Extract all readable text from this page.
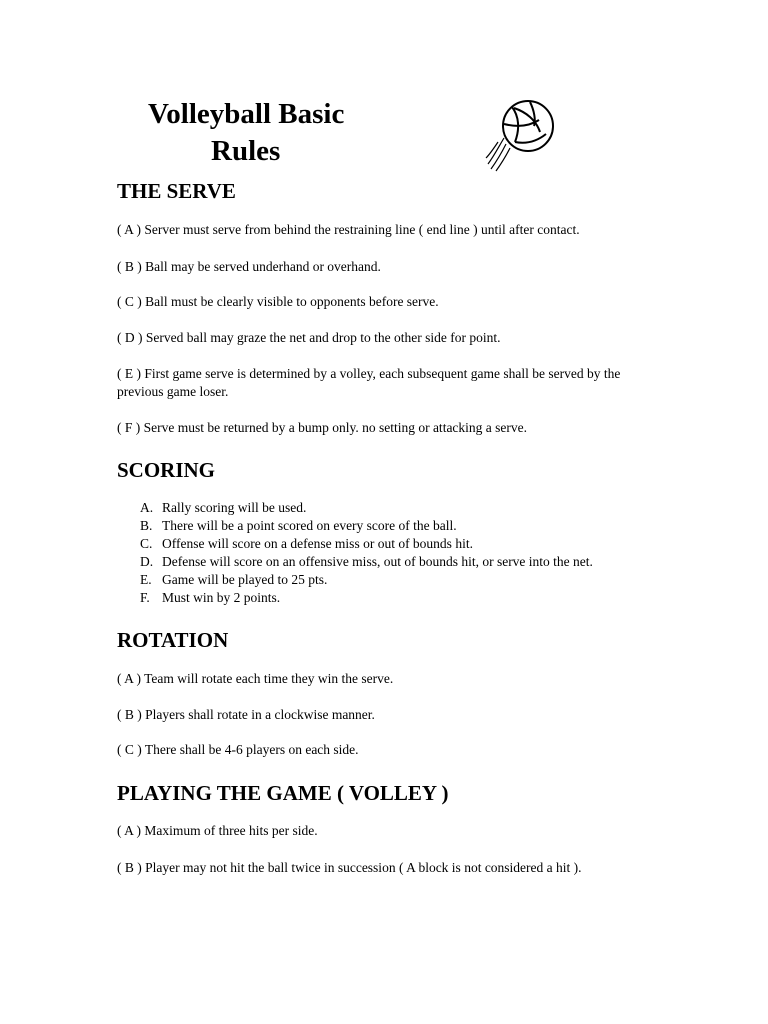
Volleyball Basic
Rules
THE SERVE

( A ) Server must serve from behind the restraining line ( end line ) until after contact.

( B ) Ball may be served underhand or overhand.

( C ) Ball must be clearly visible to opponents before serve.

( D ) Served ball may graze the net and drop to the other side for point.

( E ) First game serve is determined by a volley, each subsequent game shall be served by the previous game loser.

( F ) Serve must be returned by a bump only. no setting or attacking a serve.

SCORING
A. Rally scoring will be used.
B. There will be a point scored on every score of the ball.
C. Offense will score on a defense miss or out of bounds hit.
D. Defense will score on an offensive miss, out of bounds hit, or serve into the net.
E. Game will be played to 25 pts.
F. Must win by 2 points.
ROTATION

( A ) Team will rotate each time they win the serve.

( B ) Players shall rotate in a clockwise manner.

( C ) There shall be 4-6 players on each side.

PLAYING THE GAME ( VOLLEY )

( A ) Maximum of three hits per side.

( B ) Player may not hit the ball twice in succession ( A block is not considered a hit ).
